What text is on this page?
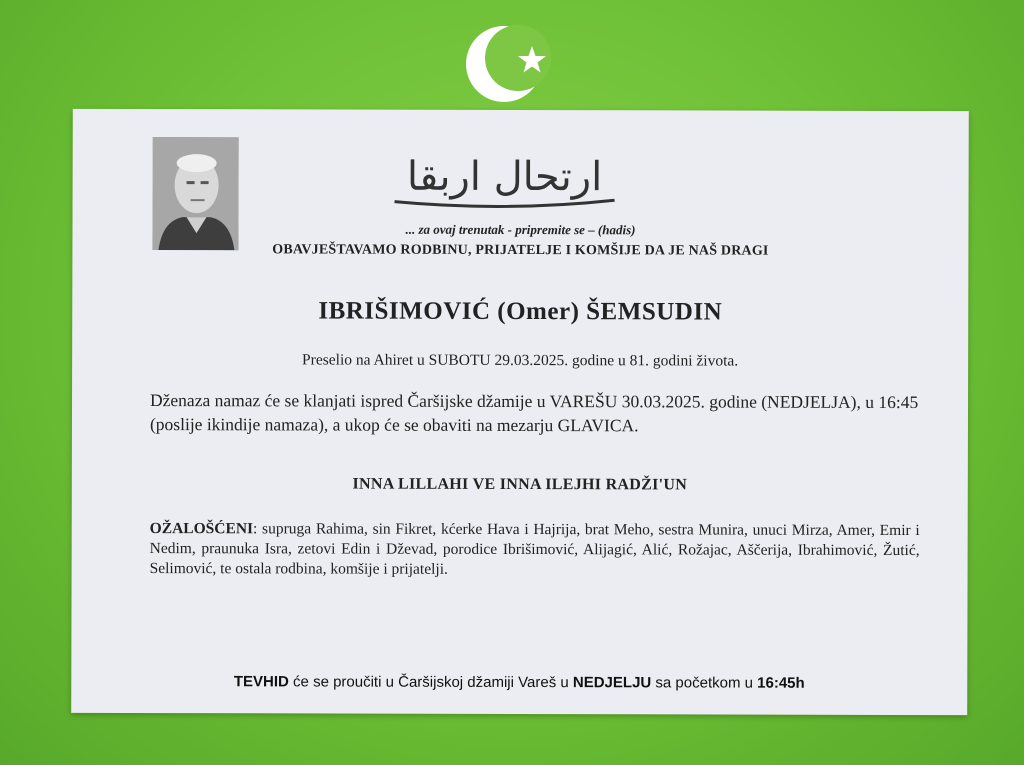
ارتحال اربقا
... za ovaj trenutak - pripremite se – (hadis)
OBAVJEŠTAVAMO RODBINU, PRIJATELJE I KOMŠIJE DA JE NAŠ DRAGI
IBRIŠIMOVIĆ (Omer) ŠEMSUDIN
Preselio na Ahiret u SUBOTU 29.03.2025. godine u 81. godini života.
Dženaza namaz će se klanjati ispred Čaršijske džamije u VAREŠU 30.03.2025. godine (NEDJELJA), u 16:45 (poslije ikindije namaza), a ukop će se obaviti na mezarju GLAVICA.
INNA LILLAHI VE INNA ILEJHI RADŽI'UN
OŽALOŠĆENI: supruga Rahima, sin Fikret, kćerke Hava i Hajrija, brat Meho, sestra Munira, unuci Mirza, Amer, Emir i Nedim, praunuka Isra, zetovi Edin i Dževad, porodice Ibrišimović, Alijagić, Alić, Rožajac, Aščerija, Ibrahimović, Žutić, Selimović, te ostala rodbina, komšije i prijatelji.
TEVHID će se proučiti u Čaršijskoj džamiji Vareš u NEDJELJU sa početkom u 16:45h
